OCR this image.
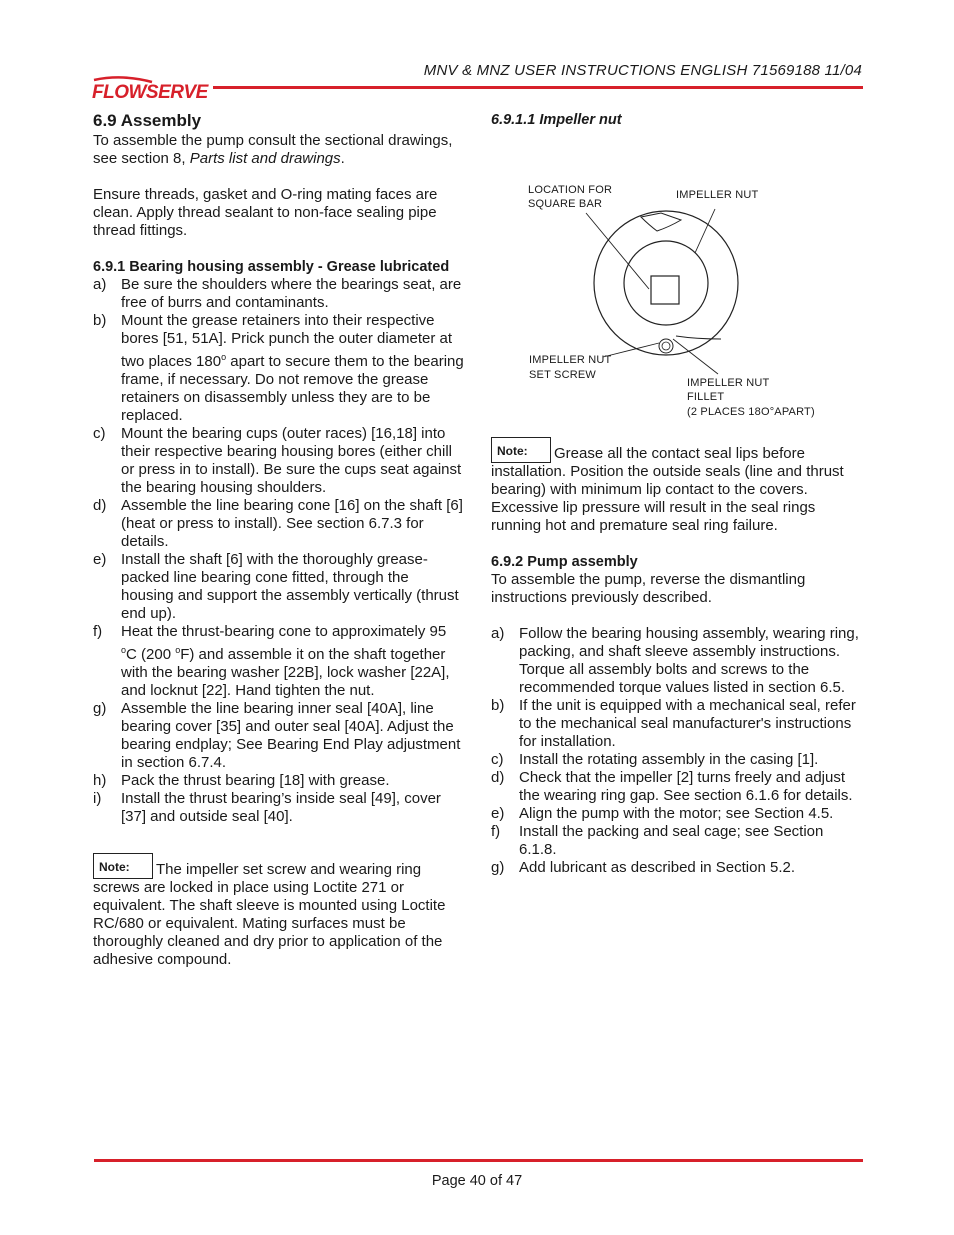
MNV & MNZ USER INSTRUCTIONS ENGLISH 71569188 11/04
FLOWSERVE
6.9 Assembly

To assemble the pump consult the sectional drawings, see section 8, Parts list and drawings.

Ensure threads, gasket and O-ring mating faces are clean. Apply thread sealant to non-face sealing pipe thread fittings.

6.9.1 Bearing housing assembly - Grease lubricated
a) Be sure the shoulders where the bearings seat, are free of burrs and contaminants.
b) Mount the grease retainers into their respective bores [51, 51A]. Prick punch the outer diameter at two places 180$^o$ apart to secure them to the bearing frame, if necessary. Do not remove the grease retainers on disassembly unless they are to be replaced.
c) Mount the bearing cups (outer races) [16,18] into their respective bearing housing bores (either chill or press in to install). Be sure the cups seat against the bearing housing shoulders.
d) Assemble the line bearing cone [16] on the shaft [6] (heat or press to install). See section 6.7.3 for details.
e) Install the shaft [6] with the thoroughly grease-packed line bearing cone fitted, through the housing and support the assembly vertically (thrust end up).
f) Heat the thrust-bearing cone to approximately 95 $^o$C (200 $^o$F) and assemble it on the shaft together with the bearing washer [22B], lock washer [22A], and locknut [22]. Hand tighten the nut.
g) Assemble the line bearing inner seal [40A], line bearing cover [35] and outer seal [40A]. Adjust the bearing endplay; See Bearing End Play adjustment in section 6.7.4.
h) Pack the thrust bearing [18] with grease.
i) Install the thrust bearing’s inside seal [49], cover [37] and outside seal [40].

Note: The impeller set screw and wearing ring screws are locked in place using Loctite 271 or equivalent. The shaft sleeve is mounted using Loctite RC/680 or equivalent. Mating surfaces must be thoroughly cleaned and dry prior to application of the adhesive compound.

6.9.1.1 Impeller nut
LOCATION FOR
SQUARE BAR
IMPELLER NUT
IMPELLER NUT
SET SCREW
IMPELLER NUT
FILLET
(2 PLACES 18O°APART)

Note: Grease all the contact seal lips before installation. Position the outside seals (line and thrust bearing) with minimum lip contact to the covers. Excessive lip pressure will result in the seal rings running hot and premature seal ring failure.

6.9.2 Pump assembly

To assemble the pump, reverse the dismantling instructions previously described.

a) Follow the bearing housing assembly, wearing ring, packing, and shaft sleeve assembly instructions. Torque all assembly bolts and screws to the recommended torque values listed in section 6.5.
b) If the unit is equipped with a mechanical seal, refer to the mechanical seal manufacturer's instructions for installation.
c) Install the rotating assembly in the casing [1].
d) Check that the impeller [2] turns freely and adjust the wearing ring gap. See section 6.1.6 for details.
e) Align the pump with the motor; see Section 4.5.
f) Install the packing and seal cage; see Section 6.1.8.
g) Add lubricant as described in Section 5.2.
Page 40 of 47
